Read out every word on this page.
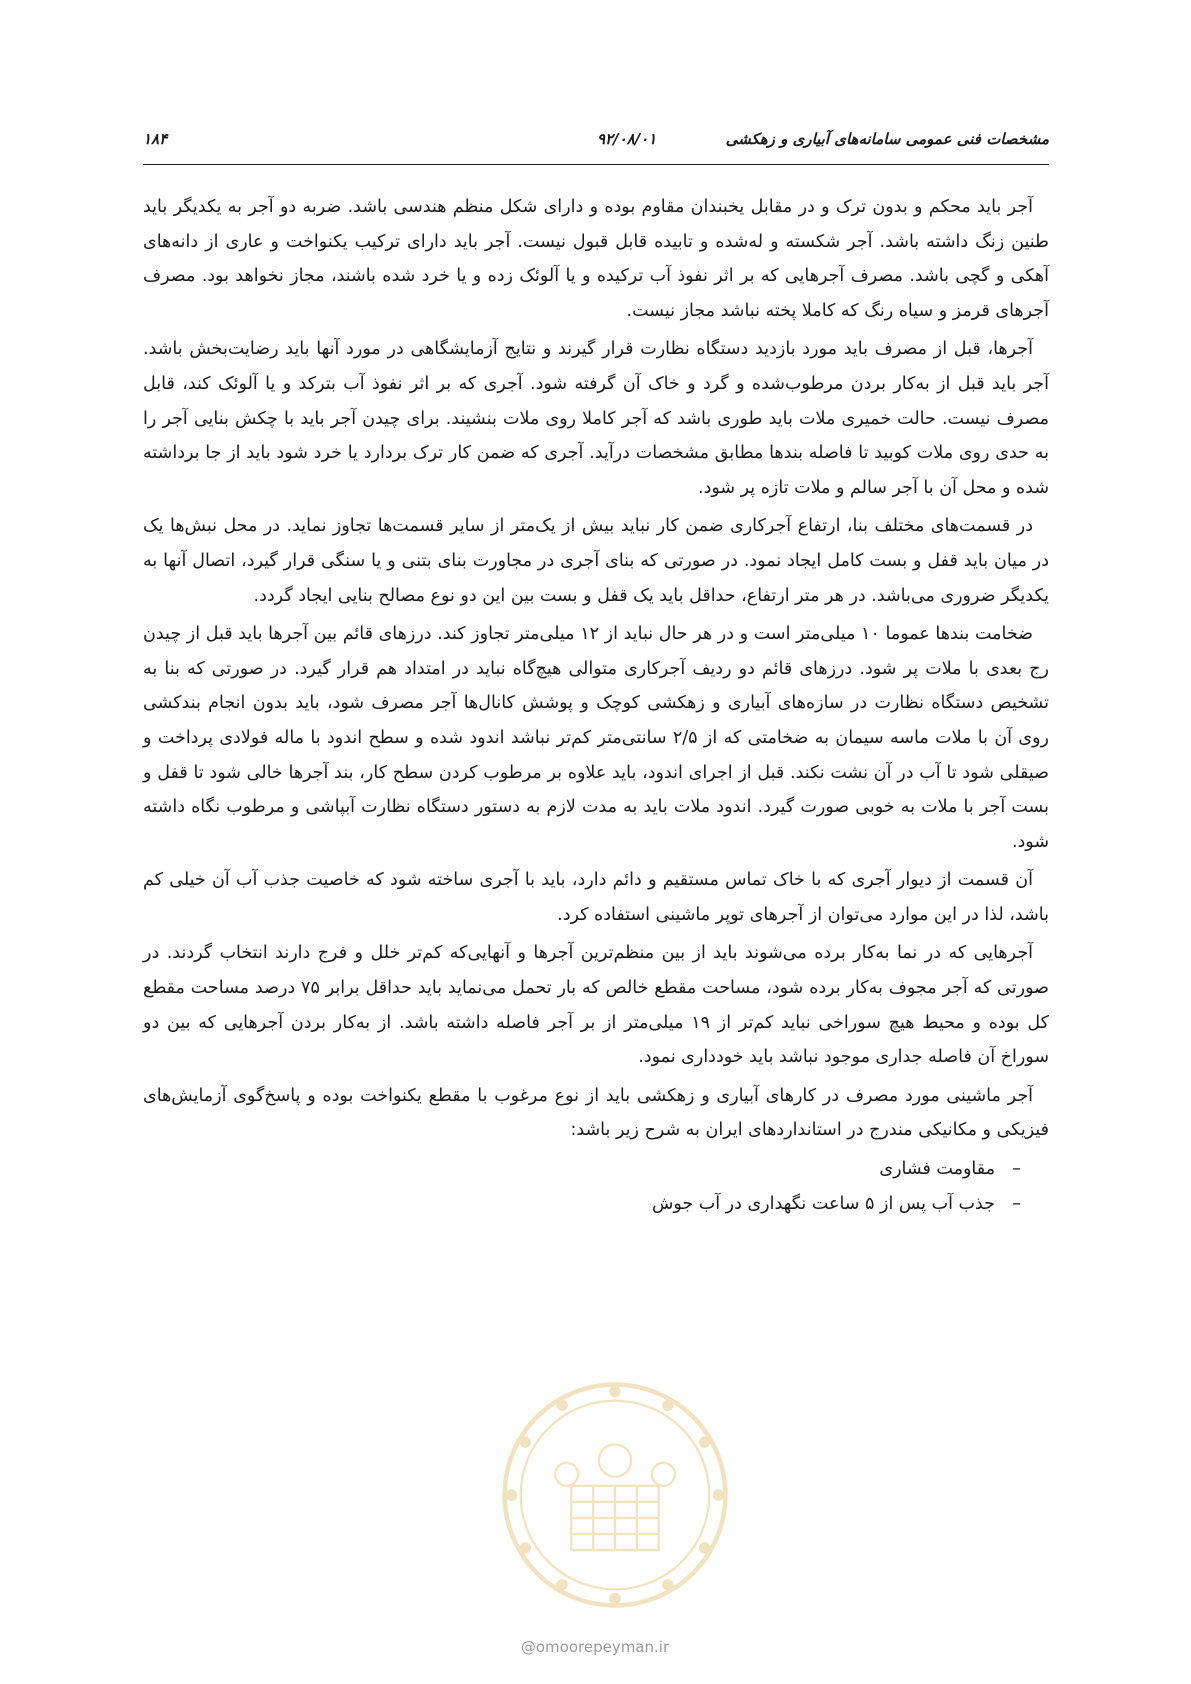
مشخصات فنی عمومی سامانه‌های آبیاری و زهکشی
۹۲/۰۸/۰۱
۱۸۴

آجر باید محکم و بدون ترک و در مقابل یخبندان مقاوم بوده و دارای شکل منظم هندسی باشد. ضربه دو آجر به یکدیگر باید طنین زنگ داشته باشد. آجر شکسته و له‌شده و تابیده قابل قبول نیست. آجر باید دارای ترکیب یکنواخت و عاری از دانه‌های آهکی و گچی باشد. مصرف آجرهایی که بر اثر نفوذ آب ترکیده و یا آلوئک زده و یا خرد شده باشند، مجاز نخواهد بود. مصرف آجرهای قرمز و سیاه رنگ که کاملا پخته نباشد مجاز نیست.

آجرها، قبل از مصرف باید مورد بازدید دستگاه نظارت قرار گیرند و نتایج آزمایشگاهی در مورد آنها باید رضایت‌بخش باشد. آجر باید قبل از به‌کار بردن مرطوب‌شده و گرد و خاک آن گرفته شود. آجری که بر اثر نفوذ آب بترکد و یا آلوئک کند، قابل مصرف نیست. حالت خمیری ملات باید طوری باشد که آجر کاملا روی ملات بنشیند. برای چیدن آجر باید با چکش بنایی آجر را به حدی روی ملات کوبید تا فاصله بندها مطابق مشخصات درآید. آجری که ضمن کار ترک بردارد یا خرد شود باید از جا برداشته شده و محل آن با آجر سالم و ملات تازه پر شود.

در قسمت‌های مختلف بنا، ارتفاع آجرکاری ضمن کار نباید بیش از یک‌متر از سایر قسمت‌ها تجاوز نماید. در محل نبش‌ها یک در میان باید قفل و بست کامل ایجاد نمود. در صورتی که بنای آجری در مجاورت بنای بتنی و یا سنگی قرار گیرد، اتصال آنها به یکدیگر ضروری می‌باشد. در هر متر ارتفاع، حداقل باید یک قفل و بست بین این دو نوع مصالح بنایی ایجاد گردد.

ضخامت بندها عموما ۱۰ میلی‌متر است و در هر حال نباید از ۱۲ میلی‌متر تجاوز کند. درزهای قائم بین آجرها باید قبل از چیدن رج بعدی با ملات پر شود. درزهای قائم دو ردیف آجرکاری متوالی هیچ‌گاه نباید در امتداد هم قرار گیرد. در صورتی که بنا به تشخیص دستگاه نظارت در سازه‌های آبیاری و زهکشی کوچک و پوشش کانال‌ها آجر مصرف شود، باید بدون انجام بندکشی روی آن با ملات ماسه سیمان به ضخامتی که از ۲/۵ سانتی‌متر کم‌تر نباشد اندود شده و سطح اندود با ماله فولادی پرداخت و صیقلی شود تا آب در آن نشت نکند. قبل از اجرای اندود، باید علاوه بر مرطوب کردن سطح کار، بند آجرها خالی شود تا قفل و بست آجر با ملات به خوبی صورت گیرد. اندود ملات باید به مدت لازم به دستور دستگاه نظارت آبپاشی و مرطوب نگاه داشته شود.

آن قسمت از دیوار آجری که با خاک تماس مستقیم و دائم دارد، باید با آجری ساخته شود که خاصیت جذب آب آن خیلی کم باشد، لذا در این موارد می‌توان از آجرهای توپر ماشینی استفاده کرد.

آجرهایی که در نما به‌کار برده می‌شوند باید از بین منظم‌ترین آجرها و آنهایی‌که کم‌تر خلل و فرج دارند انتخاب گردند. در صورتی که آجر مجوف به‌کار برده شود، مساحت مقطع خالص که بار تحمل می‌نماید باید حداقل برابر ۷۵ درصد مساحت مقطع کل بوده و محیط هیچ سوراخی نباید کم‌تر از ۱۹ میلی‌متر از بر آجر فاصله داشته باشد. از به‌کار بردن آجرهایی که بین دو سوراخ آن فاصله جداری موجود نباشد باید خودداری نمود.

آجر ماشینی مورد مصرف در کارهای آبیاری و زهکشی باید از نوع مرغوب با مقطع یکنواخت بوده و پاسخ‌گوی آزمایش‌های فیزیکی و مکانیکی مندرج در استانداردهای ایران به شرح زیر باشد:

–
مقاومت فشاری
–
جذب آب پس از ۵ ساعت نگهداری در آب جوش
@omoorepeyman.ir
